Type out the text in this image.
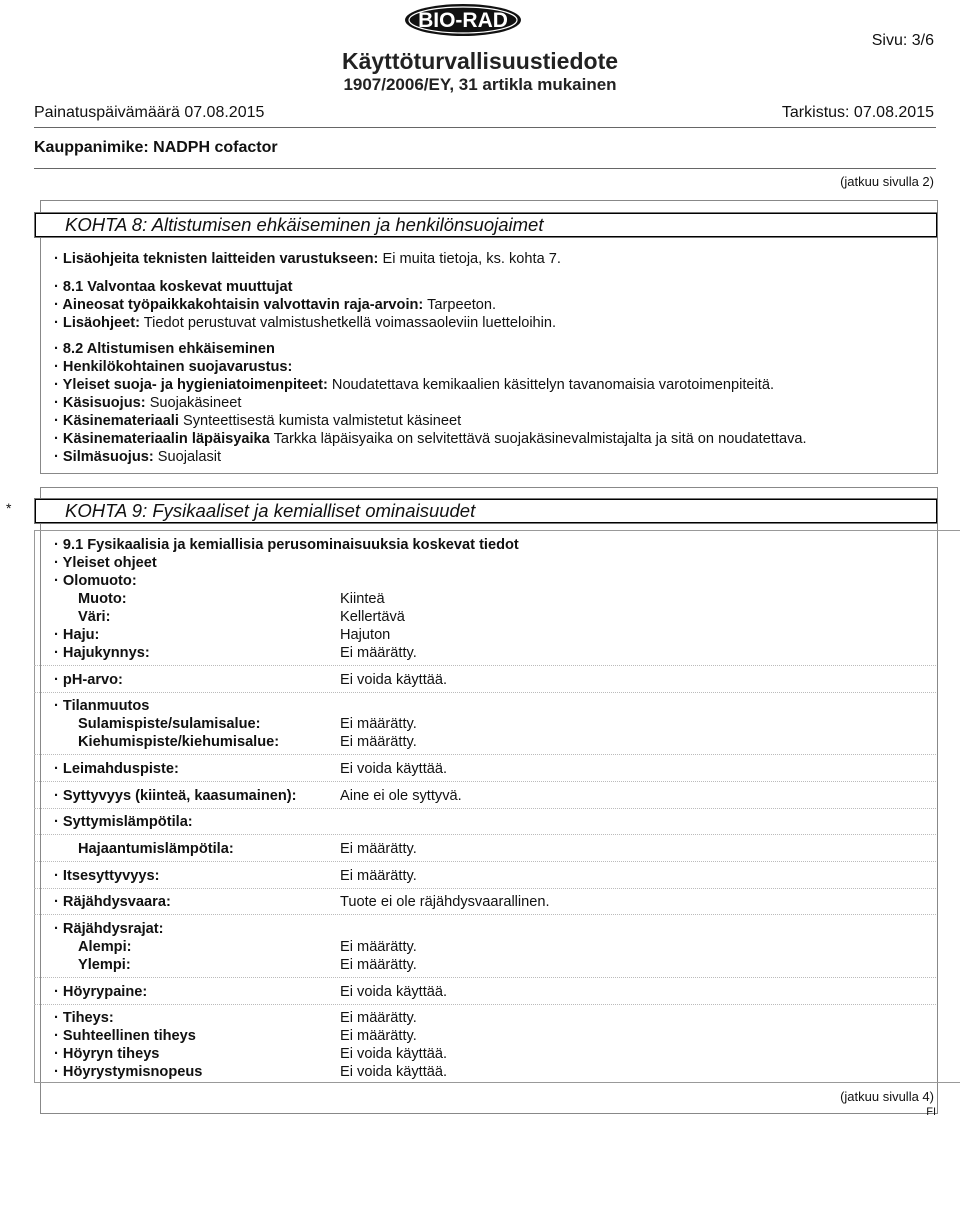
BIO-RAD
Käyttöturvallisuustiedote
1907/2006/EY, 31 artikla mukainen
Sivu: 3/6
Painatuspäivämäärä 07.08.2015	Tarkistus: 07.08.2015
Kauppanimike: NADPH cofactor
(jatkuu sivulla 2)
KOHTA 8: Altistumisen ehkäiseminen ja henkilönsuojaimet
· Lisäohjeita teknisten laitteiden varustukseen: Ei muita tietoja, ks. kohta 7.
· 8.1 Valvontaa koskevat muuttujat
· Aineosat työpaikkakohtaisin valvottavin raja-arvoin: Tarpeeton.
· Lisäohjeet: Tiedot perustuvat valmistushetkellä voimassaoleviin luetteloihin.
· 8.2 Altistumisen ehkäiseminen
· Henkilökohtainen suojavarustus:
· Yleiset suoja- ja hygieniatoimenpiteet: Noudatettava kemikaalien käsittelyn tavanomaisia varotoimenpiteitä.
· Käsisuojus: Suojakäsineet
· Käsinemateriaali Synteettisestä kumista valmistetut käsineet
· Käsinemateriaalin läpäisyaika Tarkka läpäisyaika on selvitettävä suojakäsinevalmistajalta ja sitä on noudatettava.
· Silmäsuojus: Suojalasit
*	KOHTA 9: Fysikaaliset ja kemialliset ominaisuudet
· 9.1 Fysikaalisia ja kemiallisia perusominaisuuksia koskevat tiedot
· Yleiset ohjeet
· Olomuoto:
Muoto:	Kiinteä
Väri:	Kellertävä
· Haju:	Hajuton
· Hajukynnys:	Ei määrätty.
· pH-arvo:	Ei voida käyttää.
· Tilanmuutos
Sulamispiste/sulamisalue:	Ei määrätty.
Kiehumispiste/kiehumisalue:	Ei määrätty.
· Leimahduspiste:	Ei voida käyttää.
· Syttyvyys (kiinteä, kaasumainen):	Aine ei ole syttyvä.
· Syttymislämpötila:
Hajaantumislämpötila:	Ei määrätty.
· Itsesyttyvyys:	Ei määrätty.
· Räjähdysvaara:	Tuote ei ole räjähdysvaarallinen.
· Räjähdysrajat:
Alempi:	Ei määrätty.
Ylempi:	Ei määrätty.
· Höyrypaine:	Ei voida käyttää.
· Tiheys:	Ei määrätty.
· Suhteellinen tiheys	Ei määrätty.
· Höyryn tiheys	Ei voida käyttää.
· Höyrystymisnopeus	Ei voida käyttää.
(jatkuu sivulla 4)
FI
